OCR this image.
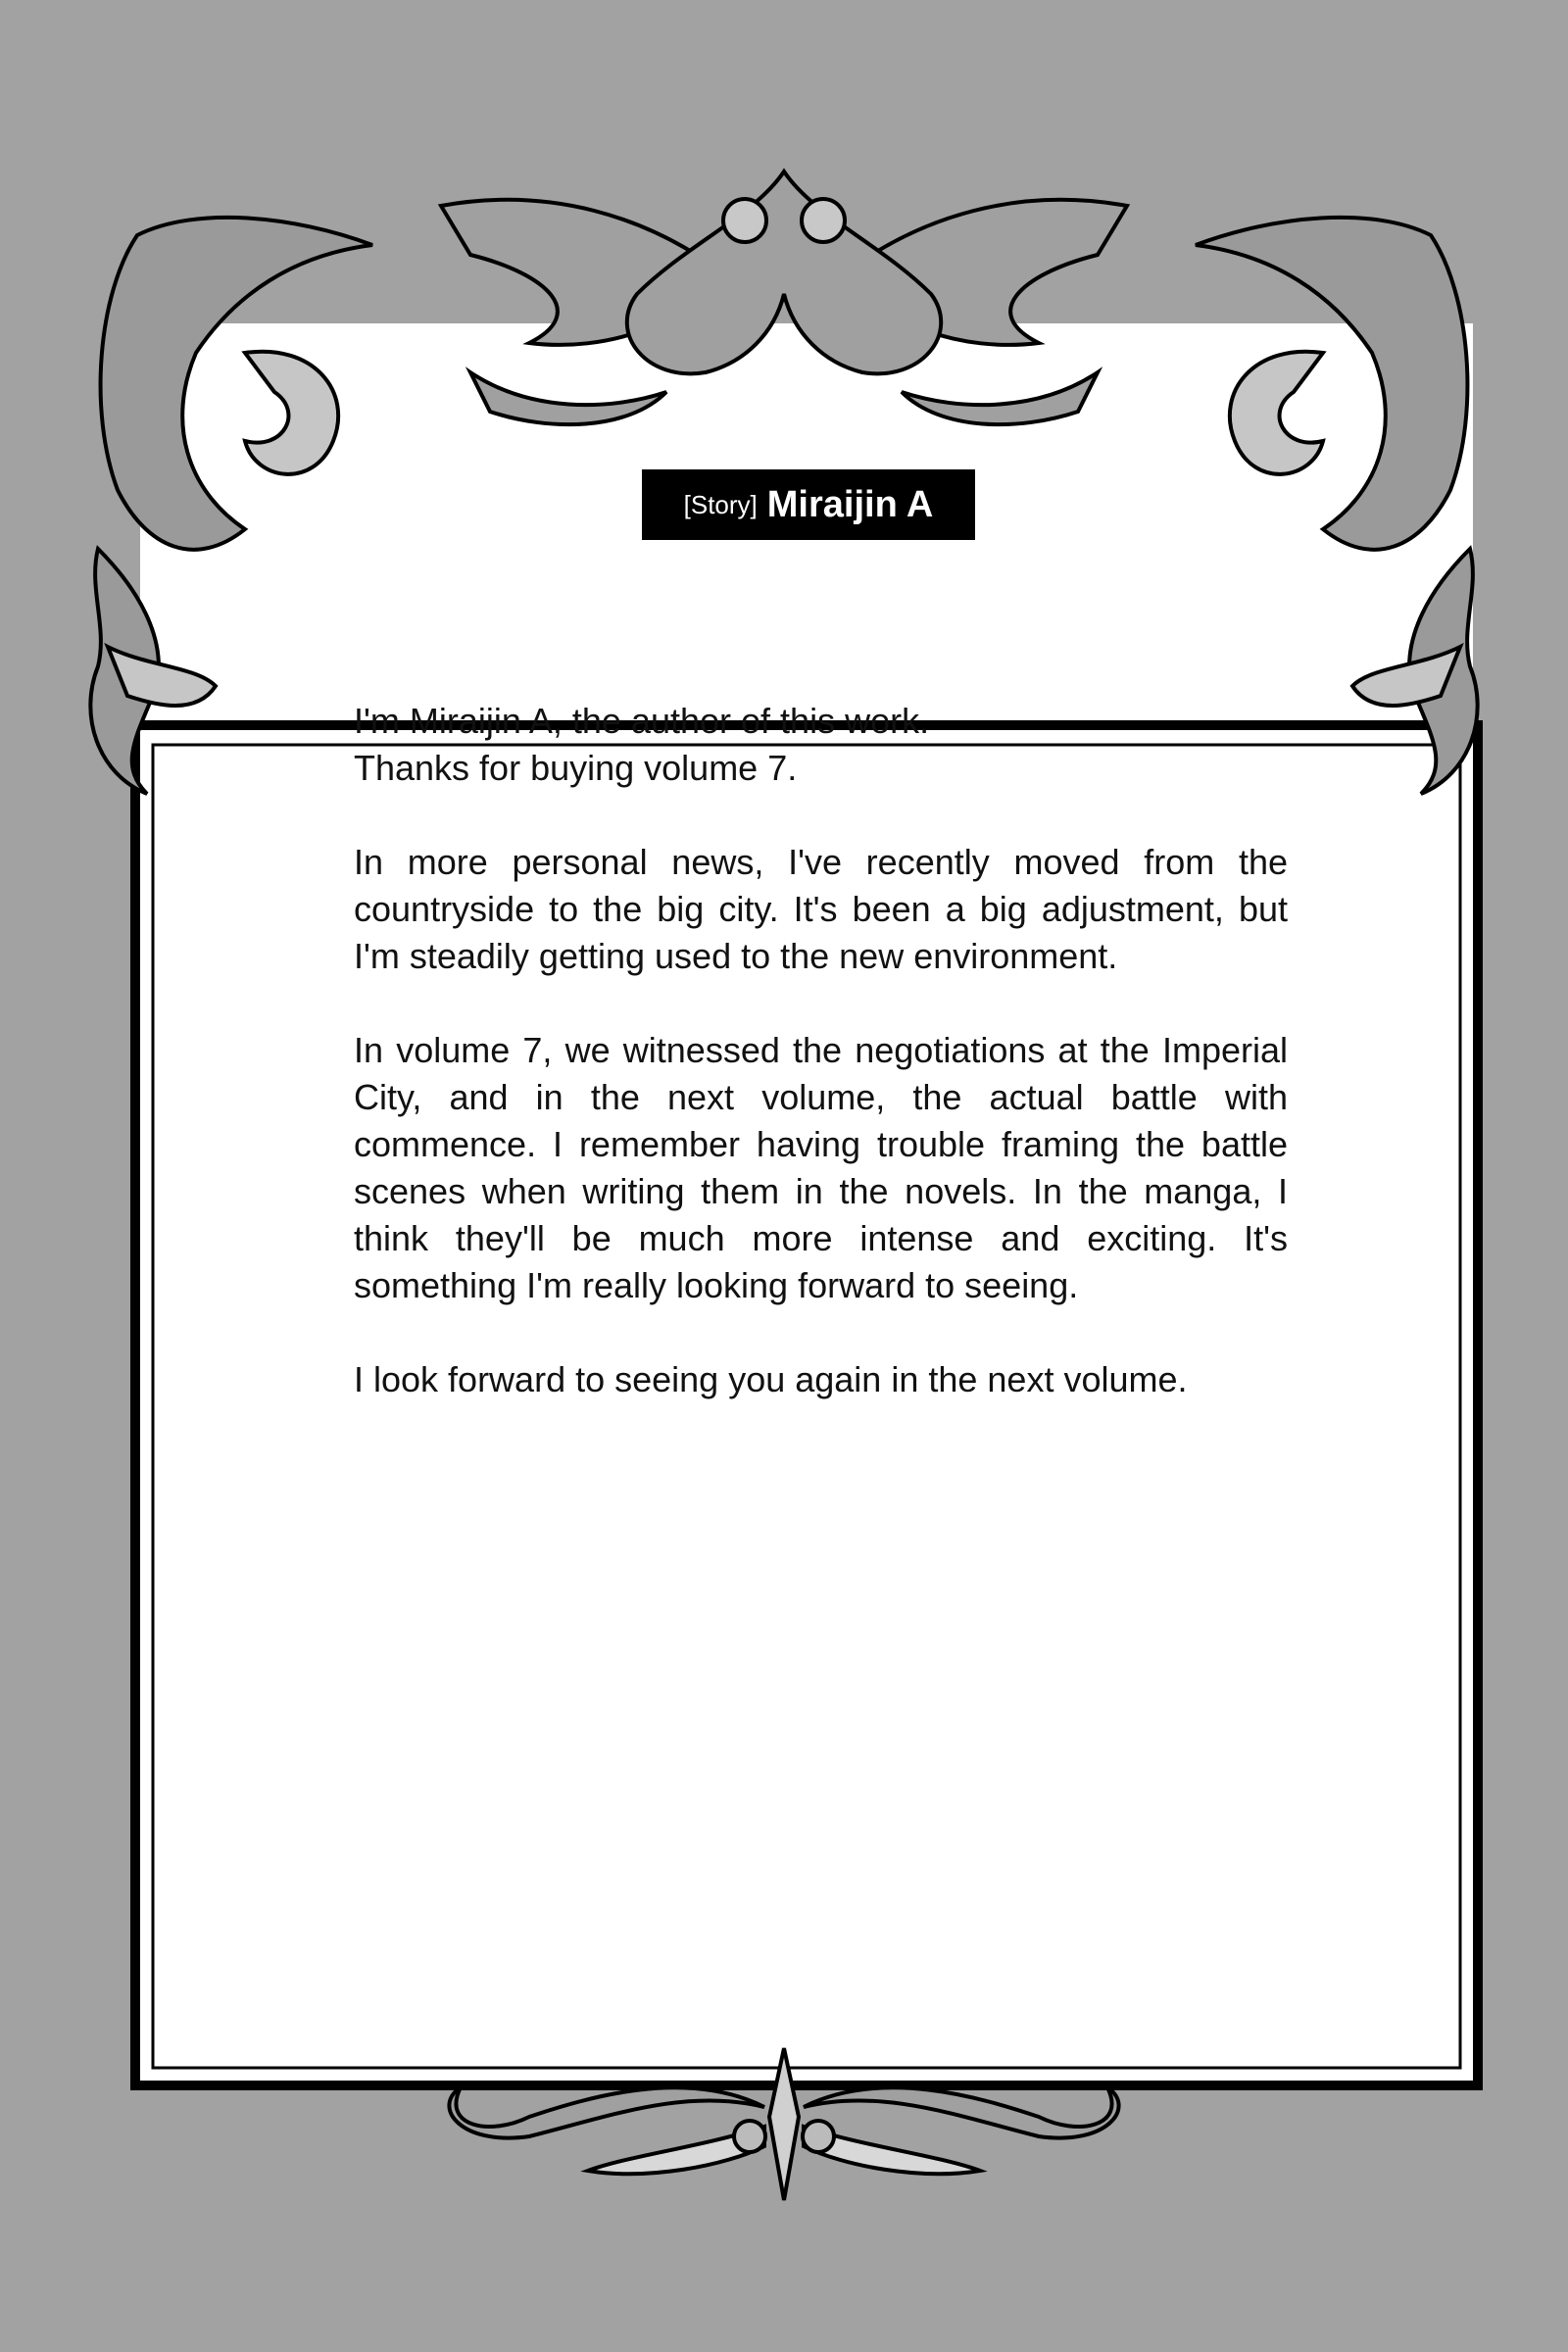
[Story] Miraijin A

I'm Miraijin A, the author of this work.
Thanks for buying volume 7.

In more personal news, I've recently moved from the countryside to the big city. It's been a big adjustment, but I'm steadily getting used to the new environment.

In volume 7, we witnessed the negotiations at the Imperial City, and in the next volume, the actual battle with commence. I remember having trouble framing the battle scenes when writing them in the novels. In the manga, I think they'll be much more intense and exciting. It's something I'm really looking forward to seeing.

I look forward to seeing you again in the next volume.
